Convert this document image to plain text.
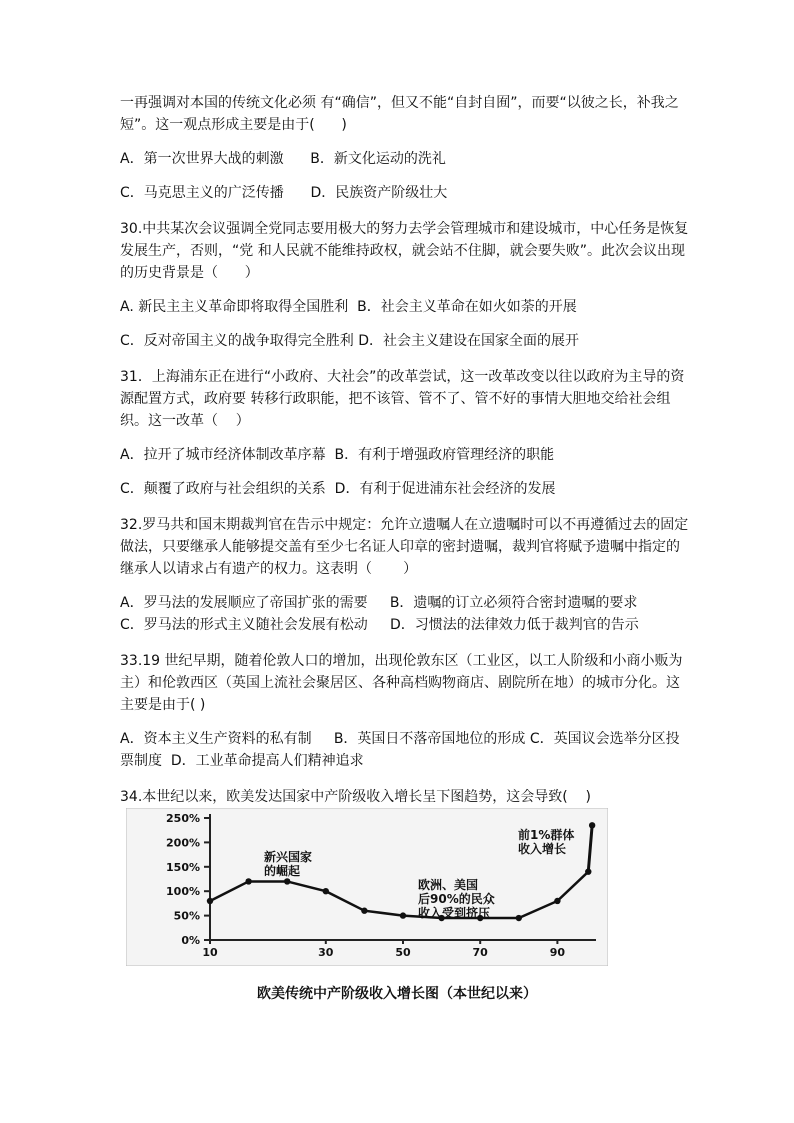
一再强调对本国的传统文化必须 有“确信”，但又不能“自封自囿”，而要“以彼之长，补我之短”。这一观点形成主要是由于(      )

A．第一次世界大战的刺激      B．新文化运动的洗礼

C．马克思主义的广泛传播      D．民族资产阶级壮大

30.中共某次会议强调全党同志要用极大的努力去学会管理城市和建设城市，中心任务是恢复发展生产，否则，“党 和人民就不能维持政权，就会站不住脚，就会要失败”。此次会议出现的历史背景是（      ）

A. 新民主主义革命即将取得全国胜利  B．社会主义革命在如火如荼的开展

C．反对帝国主义的战争取得完全胜利 D．社会主义建设在国家全面的展开

31．上海浦东正在进行“小政府、大社会”的改革尝试，这一改革改变以往以政府为主导的资源配置方式，政府要 转移行政职能，把不该管、管不了、管不好的事情大胆地交给社会组织。这一改革（    ）

A．拉开了城市经济体制改革序幕  B．有利于增强政府管理经济的职能

C．颠覆了政府与社会组织的关系  D．有利于促进浦东社会经济的发展

32.罗马共和国末期裁判官在告示中规定：允许立遗嘱人在立遗嘱时可以不再遵循过去的固定做法，只要继承人能够提交盖有至少七名证人印章的密封遗嘱，裁判官将赋予遗嘱中指定的继承人以请求占有遗产的权力。这表明（       ）

A．罗马法的发展顺应了帝国扩张的需要     B．遗嘱的订立必须符合密封遗嘱的要求

C．罗马法的形式主义随社会发展有松动     D．习惯法的法律效力低于裁判官的告示

33.19 世纪早期，随着伦敦人口的增加，出现伦敦东区（工业区，以工人阶级和小商小贩为主）和伦敦西区（英国上流社会聚居区、各种高档购物商店、剧院所在地）的城市分化。这主要是由于( )

A．资本主义生产资料的私有制     B．英国日不落帝国地位的形成 C．英国议会选举分区投票制度  D．工业革命提高人们精神追求

34.本世纪以来，欧美发达国家中产阶级收入增长呈下图趋势，这会导致(    )

0%
50%
100%
150%
200%
250%
10	30	50	70	90
新兴国家
的崛起
欧洲、美国
后90%的民众
收入受到挤压
前1%群体
收入增长
欧美传统中产阶级收入增长图（本世纪以来）
